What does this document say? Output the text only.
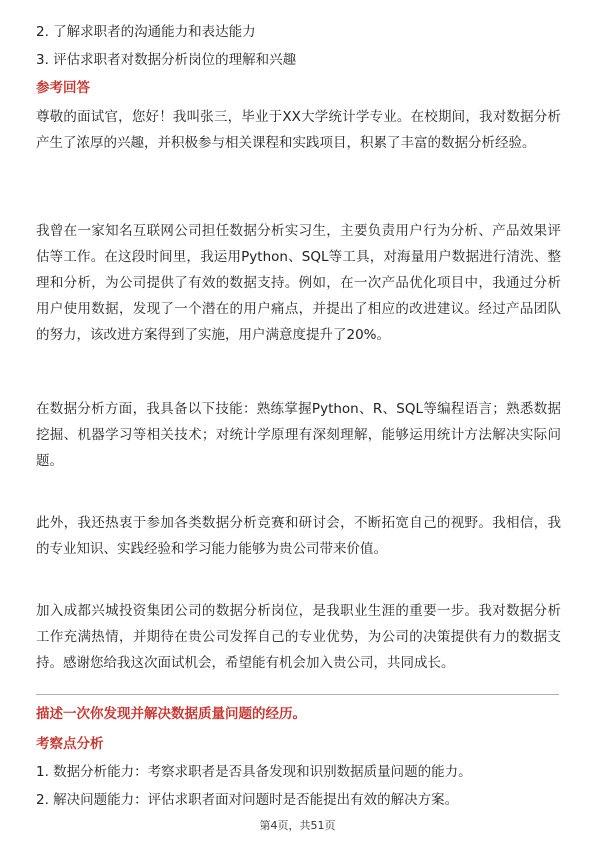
2. 了解求职者的沟通能力和表达能力
3. 评估求职者对数据分析岗位的理解和兴趣
参考回答
尊敬的面试官，您好！我叫张三，毕业于XX大学统计学专业。在校期间，我对数据分析产生了浓厚的兴趣，并积极参与相关课程和实践项目，积累了丰富的数据分析经验。
我曾在一家知名互联网公司担任数据分析实习生，主要负责用户行为分析、产品效果评估等工作。在这段时间里，我运用Python、SQL等工具，对海量用户数据进行清洗、整理和分析，为公司提供了有效的数据支持。例如，在一次产品优化项目中，我通过分析用户使用数据，发现了一个潜在的用户痛点，并提出了相应的改进建议。经过产品团队的努力，该改进方案得到了实施，用户满意度提升了20%。
在数据分析方面，我具备以下技能：熟练掌握Python、R、SQL等编程语言；熟悉数据挖掘、机器学习等相关技术；对统计学原理有深刻理解，能够运用统计方法解决实际问题。
此外，我还热衷于参加各类数据分析竞赛和研讨会，不断拓宽自己的视野。我相信，我的专业知识、实践经验和学习能力能够为贵公司带来价值。
加入成都兴城投资集团公司的数据分析岗位，是我职业生涯的重要一步。我对数据分析工作充满热情，并期待在贵公司发挥自己的专业优势，为公司的决策提供有力的数据支持。感谢您给我这次面试机会，希望能有机会加入贵公司，共同成长。
描述一次你发现并解决数据质量问题的经历。
考察点分析
1. 数据分析能力：考察求职者是否具备发现和识别数据质量问题的能力。
2. 解决问题能力：评估求职者面对问题时是否能提出有效的解决方案。
第4页，共51页
